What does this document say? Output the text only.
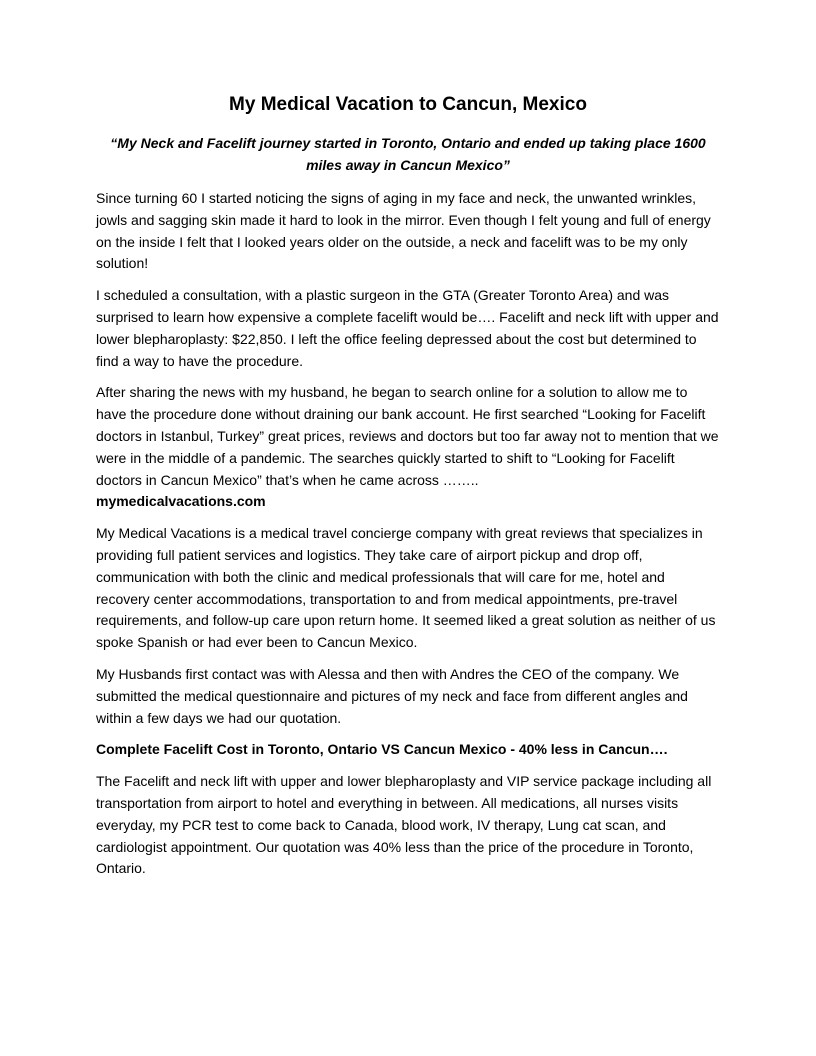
My Medical Vacation to Cancun, Mexico

“My Neck and Facelift journey started in Toronto, Ontario and ended up taking place 1600 miles away in Cancun Mexico”

Since turning 60 I started noticing the signs of aging in my face and neck, the unwanted wrinkles, jowls and sagging skin made it hard to look in the mirror. Even though I felt young and full of energy on the inside I felt that I looked years older on the outside, a neck and facelift was to be my only solution!

I scheduled a consultation, with a plastic surgeon in the GTA (Greater Toronto Area) and was surprised to learn how expensive a complete facelift would be…. Facelift and neck lift with upper and lower blepharoplasty: $22,850. I left the office feeling depressed about the cost but determined to find a way to have the procedure.

After sharing the news with my husband, he began to search online for a solution to allow me to have the procedure done without draining our bank account. He first searched “Looking for Facelift doctors in Istanbul, Turkey” great prices, reviews and doctors but too far away not to mention that we were in the middle of a pandemic. The searches quickly started to shift to “Looking for Facelift doctors in Cancun Mexico” that’s when he came across ……..
mymedicalvacations.com

My Medical Vacations is a medical travel concierge company with great reviews that specializes in providing full patient services and logistics. They take care of airport pickup and drop off, communication with both the clinic and medical professionals that will care for me, hotel and recovery center accommodations, transportation to and from medical appointments, pre-travel requirements, and follow-up care upon return home. It seemed liked a great solution as neither of us spoke Spanish or had ever been to Cancun Mexico.

My Husbands first contact was with Alessa and then with Andres the CEO of the company. We submitted the medical questionnaire and pictures of my neck and face from different angles and within a few days we had our quotation.

Complete Facelift Cost in Toronto, Ontario VS Cancun Mexico - 40% less in Cancun….

The Facelift and neck lift with upper and lower blepharoplasty and VIP service package including all transportation from airport to hotel and everything in between. All medications, all nurses visits everyday, my PCR test to come back to Canada, blood work, IV therapy, Lung cat scan, and cardiologist appointment. Our quotation was 40% less than the price of the procedure in Toronto, Ontario.
